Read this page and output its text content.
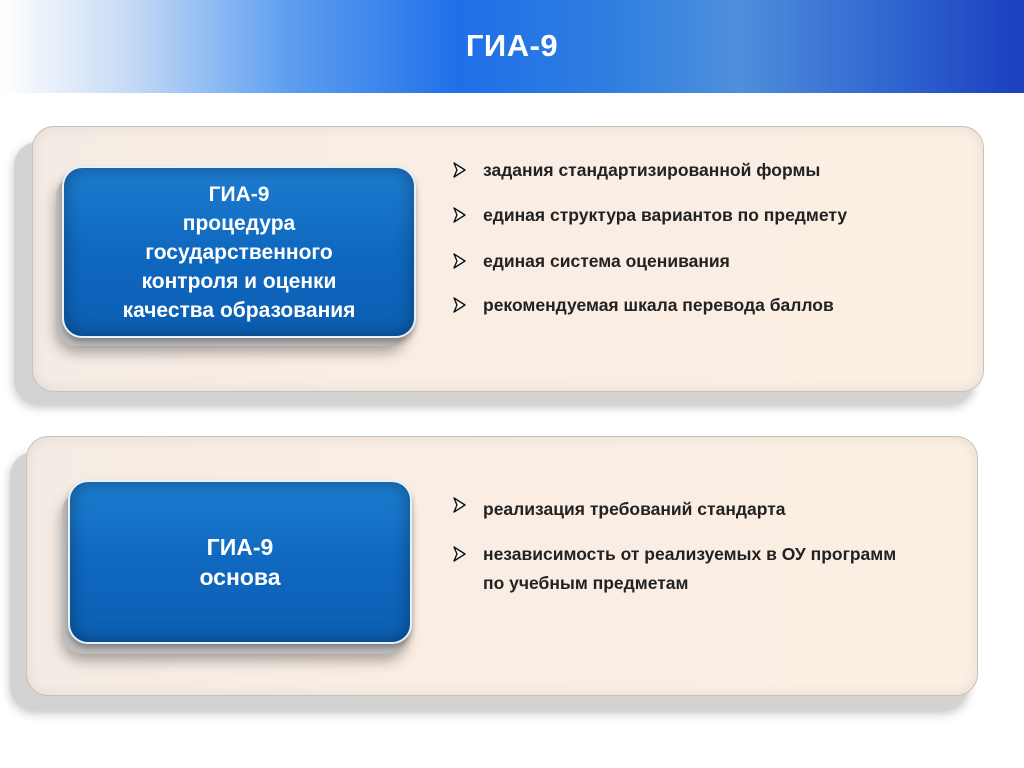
ГИА-9
ГИА-9
процедура
государственного
контроля и оценки
качества образования
задания стандартизированной формы
единая структура вариантов по предмету
единая система оценивания
рекомендуемая шкала перевода баллов
ГИА-9
основа
реализация требований стандарта
независимость от реализуемых в ОУ программ по учебным предметам
